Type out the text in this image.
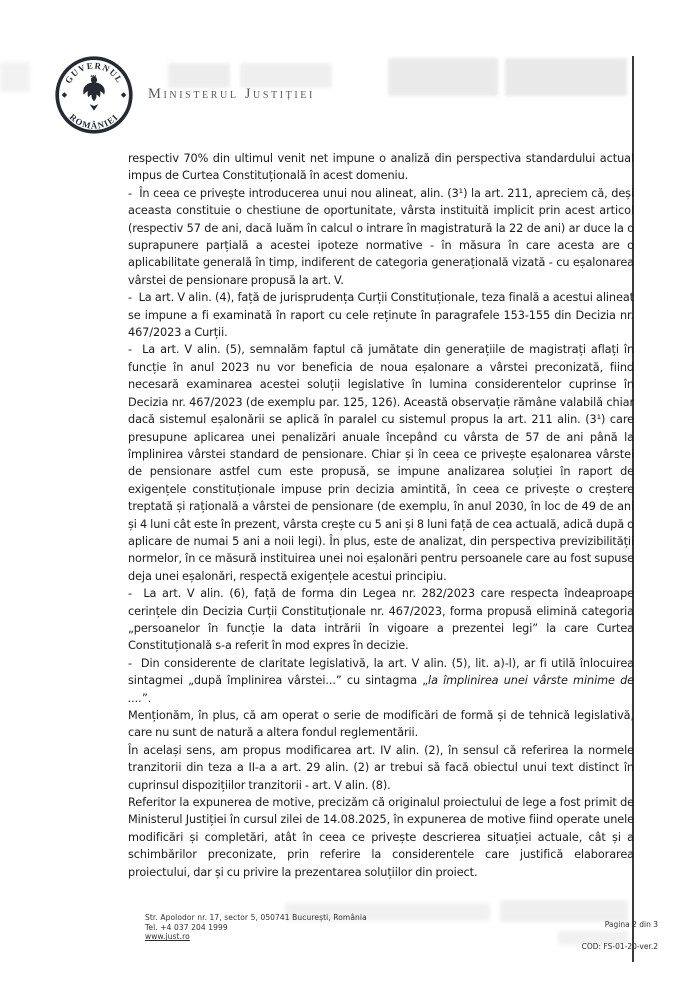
GUVERNUL
ROMÂNIEI
Ministerul Justiției

respectiv 70% din ultimul venit net impune o analiză din perspectiva standardului actual impus de Curtea Constituțională în acest domeniu.

-  În ceea ce privește introducerea unui nou alineat, alin. (3¹) la art. 211, apreciem că, deși aceasta constituie o chestiune de oportunitate, vârsta instituită implicit prin acest articol (respectiv 57 de ani, dacă luăm în calcul o intrare în magistratură la 22 de ani) ar duce la o suprapunere parțială a acestei ipoteze normative - în măsura în care acesta are o aplicabilitate generală în timp, indiferent de categoria generațională vizată - cu eșalonarea vârstei de pensionare propusă la art. V.

-  La art. V alin. (4), față de jurisprudența Curții Constituționale, teza finală a acestui alineat se impune a fi examinată în raport cu cele reținute în paragrafele 153-155 din Decizia nr. 467/2023 a Curții.

-  La art. V alin. (5), semnalăm faptul că jumătate din generațiile de magistrați aflați în funcție în anul 2023 nu vor beneficia de noua eșalonare a vârstei preconizată, fiind necesară examinarea acestei soluții legislative în lumina considerentelor cuprinse în Decizia nr. 467/2023 (de exemplu par. 125, 126). Această observație rămâne valabilă chiar dacă sistemul eșalonării se aplică în paralel cu sistemul propus la art. 211 alin. (3¹) care presupune aplicarea unei penalizări anuale începând cu vârsta de 57 de ani până la împlinirea vârstei standard de pensionare. Chiar și în ceea ce privește eșalonarea vârstei de pensionare astfel cum este propusă, se impune analizarea soluției în raport de exigențele constituționale impuse prin decizia amintită, în ceea ce privește o creștere treptată și rațională a vârstei de pensionare (de exemplu, în anul 2030, în loc de 49 de ani și 4 luni cât este în prezent, vârsta crește cu 5 ani și 8 luni față de cea actuală, adică după o aplicare de numai 5 ani a noii legi). În plus, este de analizat, din perspectiva previzibilității normelor, în ce măsură instituirea unei noi eșalonări pentru persoanele care au fost supuse deja unei eșalonări, respectă exigențele acestui principiu.

-  La art. V alin. (6), față de forma din Legea nr. 282/2023 care respecta îndeaproape cerințele din Decizia Curții Constituționale nr. 467/2023, forma propusă elimină categoria „persoanelor în funcție la data intrării în vigoare a prezentei legi” la care Curtea Constituțională s-a referit în mod expres în decizie.

-  Din considerente de claritate legislativă, la art. V alin. (5), lit. a)-l), ar fi utilă înlocuirea sintagmei „după împlinirea vârstei...” cu sintagma „la împlinirea unei vârste minime de ....”.

Menționăm, în plus, că am operat o serie de modificări de formă și de tehnică legislativă, care nu sunt de natură a altera fondul reglementării.

În același sens, am propus modificarea art. IV alin. (2), în sensul că referirea la normele tranzitorii din teza a II-a a art. 29 alin. (2) ar trebui să facă obiectul unui text distinct în cuprinsul dispozițiilor tranzitorii - art. V alin. (8).

Referitor la expunerea de motive, precizăm că originalul proiectului de lege a fost primit de Ministerul Justiției în cursul zilei de 14.08.2025, în expunerea de motive fiind operate unele modificări și completări, atât în ceea ce privește descrierea situației actuale, cât și a schimbărilor preconizate, prin referire la considerentele care justifică elaborarea proiectului, dar și cu privire la prezentarea soluțiilor din proiect.

Str. Apolodor nr. 17, sector 5, 050741 București, România
Tel. +4 037 204 1999
www.just.ro
Pagina 2 din 3
COD: FS-01-20-ver.2
